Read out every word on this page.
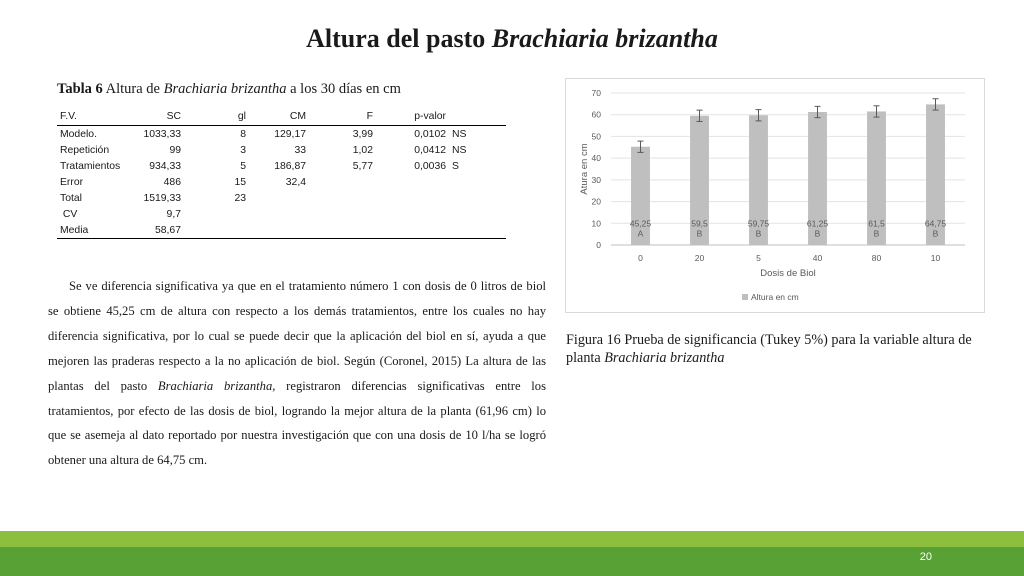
Altura del pasto Brachiaria brizantha
Tabla 6 Altura de Brachiaria brizantha a los 30 días en cm
F.V.	SC	gl	CM	F	p-valor	
Modelo.	1033,33	8	129,17	3,99	0,0102	NS
Repetición	99	3	33	1,02	0,0412	NS
Tratamientos	934,33	5	186,87	5,77	0,0036	S
Error	486	15	32,4			
Total	1519,33	23				
CV	9,7					
Media	58,67					

Se ve diferencia significativa ya que en el tratamiento número 1 con dosis de 0 litros de biol se obtiene 45,25 cm de altura con respecto a los demás tratamientos, entre los cuales no hay diferencia significativa, por lo cual se puede decir que la aplicación del biol en sí, ayuda a que mejoren las praderas respecto a la no aplicación de biol. Según (Coronel, 2015) La altura de las plantas del pasto Brachiaria brizantha, registraron diferencias significativas entre los tratamientos, por efecto de las dosis de biol, logrando la mejor altura de la planta (61,96 cm) lo que se asemeja al dato reportado por nuestra investigación que con una dosis de 10 l/ha se logró obtener una altura de 64,75 cm.

0
10
20
30
40
50
60
70
45,25
A
0
59,5
B
20
59,75
B
5
61,25
B
40
61,5
B
80
64,75
B
10
Dosis de Biol
Atura en cm
Altura en cm

Figura 16 Prueba de significancia (Tukey 5%) para la variable altura de planta Brachiaria brizantha

20
